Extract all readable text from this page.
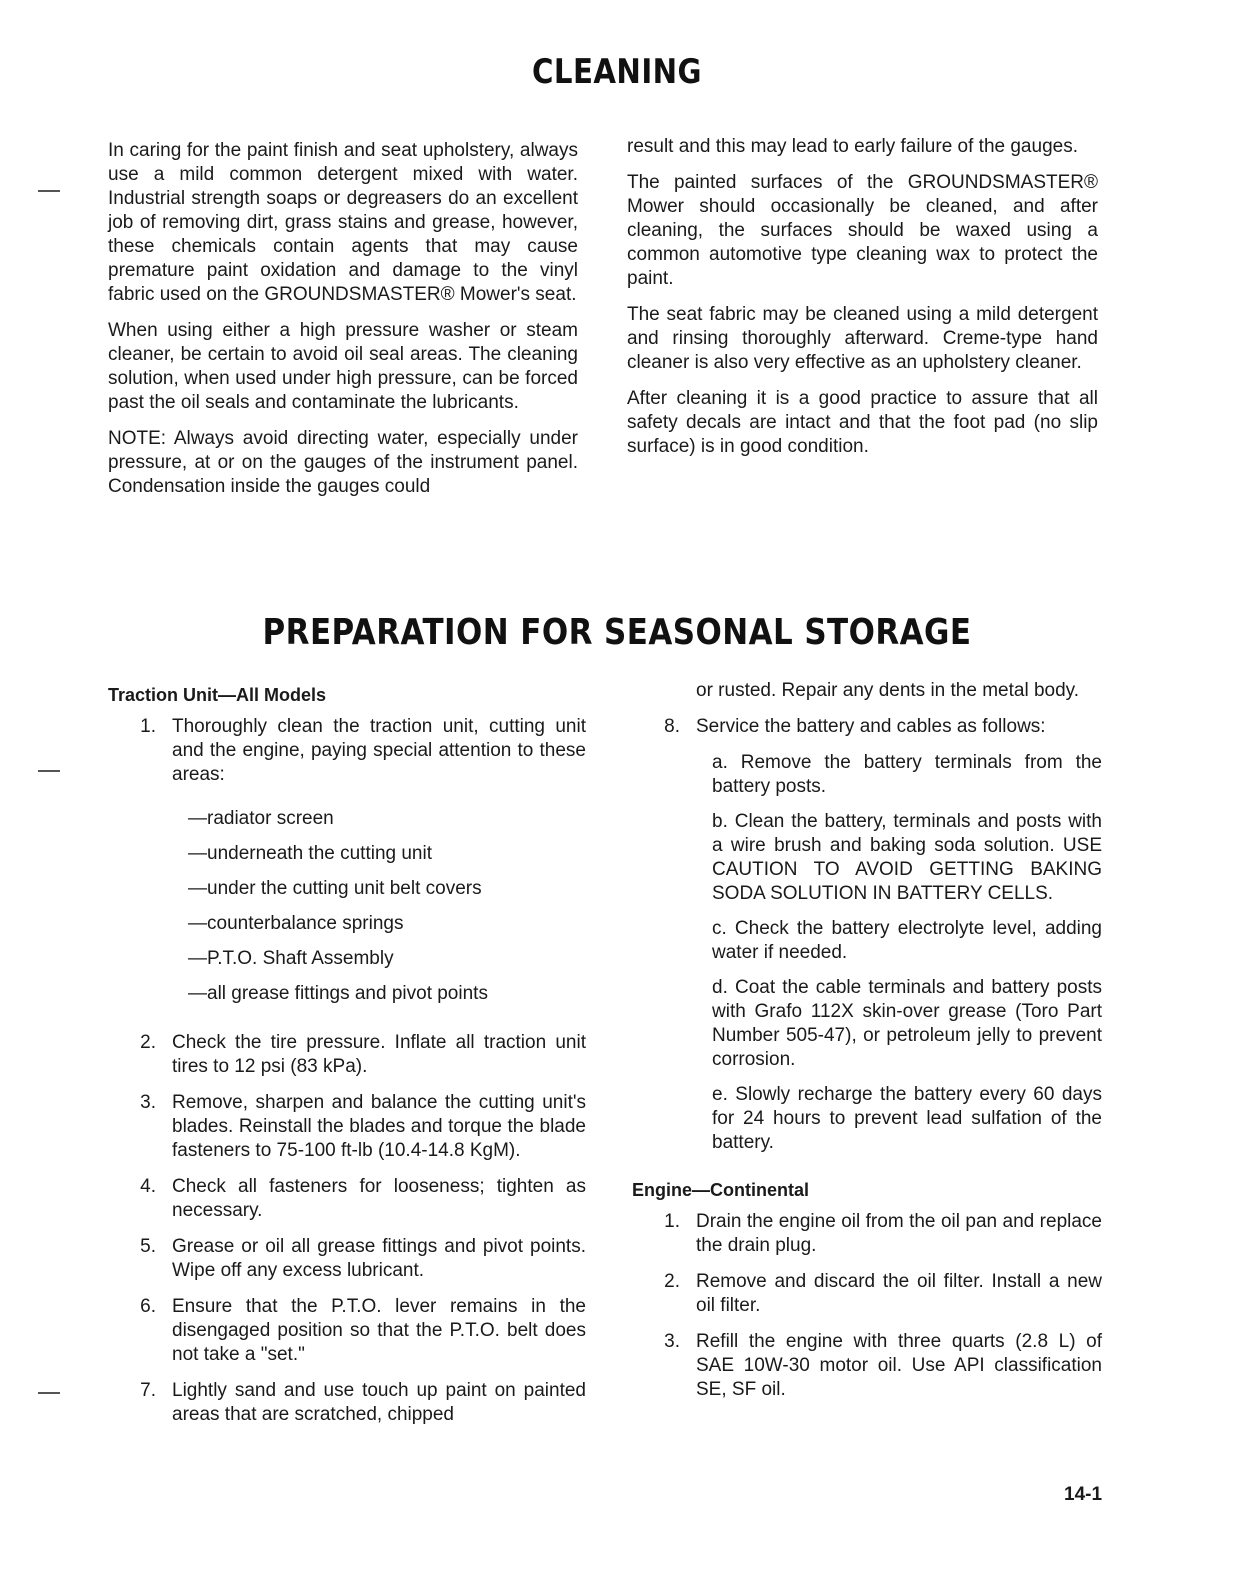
CLEANING

In caring for the paint finish and seat upholstery, always use a mild common detergent mixed with water. Industrial strength soaps or degreasers do an excellent job of removing dirt, grass stains and grease, however, these chemicals contain agents that may cause premature paint oxidation and damage to the vinyl fabric used on the GROUNDSMASTER® Mower's seat.

When using either a high pressure washer or steam cleaner, be certain to avoid oil seal areas. The cleaning solution, when used under high pressure, can be forced past the oil seals and contaminate the lubricants.

NOTE: Always avoid directing water, especially under pressure, at or on the gauges of the instrument panel. Condensation inside the gauges could

result and this may lead to early failure of the gauges.

The painted surfaces of the GROUNDSMASTER® Mower should occasionally be cleaned, and after cleaning, the surfaces should be waxed using a common automotive type cleaning wax to protect the paint.

The seat fabric may be cleaned using a mild detergent and rinsing thoroughly afterward. Creme-type hand cleaner is also very effective as an upholstery cleaner.

After cleaning it is a good practice to assure that all safety decals are intact and that the foot pad (no slip surface) is in good condition.

PREPARATION FOR SEASONAL STORAGE
Traction Unit—All Models
1. Thoroughly clean the traction unit, cutting unit and the engine, paying special attention to these areas:
—radiator screen
—underneath the cutting unit
—under the cutting unit belt covers
—counterbalance springs
—P.T.O. Shaft Assembly
—all grease fittings and pivot points
2. Check the tire pressure. Inflate all traction unit tires to 12 psi (83 kPa).
3. Remove, sharpen and balance the cutting unit's blades. Reinstall the blades and torque the blade fasteners to 75-100 ft-lb (10.4-14.8 KgM).
4. Check all fasteners for looseness; tighten as necessary.
5. Grease or oil all grease fittings and pivot points. Wipe off any excess lubricant.
6. Ensure that the P.T.O. lever remains in the disengaged position so that the P.T.O. belt does not take a "set."
7. Lightly sand and use touch up paint on painted areas that are scratched, chipped
or rusted. Repair any dents in the metal body.
8. Service the battery and cables as follows:
a. Remove the battery terminals from the battery posts.
b. Clean the battery, terminals and posts with a wire brush and baking soda solution. USE CAUTION TO AVOID GETTING BAKING SODA SOLUTION IN BATTERY CELLS.
c. Check the battery electrolyte level, adding water if needed.
d. Coat the cable terminals and battery posts with Grafo 112X skin-over grease (Toro Part Number 505-47), or petroleum jelly to prevent corrosion.
e. Slowly recharge the battery every 60 days for 24 hours to prevent lead sulfation of the battery.
Engine—Continental
1. Drain the engine oil from the oil pan and replace the drain plug.
2. Remove and discard the oil filter. Install a new oil filter.
3. Refill the engine with three quarts (2.8 L) of SAE 10W-30 motor oil. Use API classification SE, SF oil.
14-1
